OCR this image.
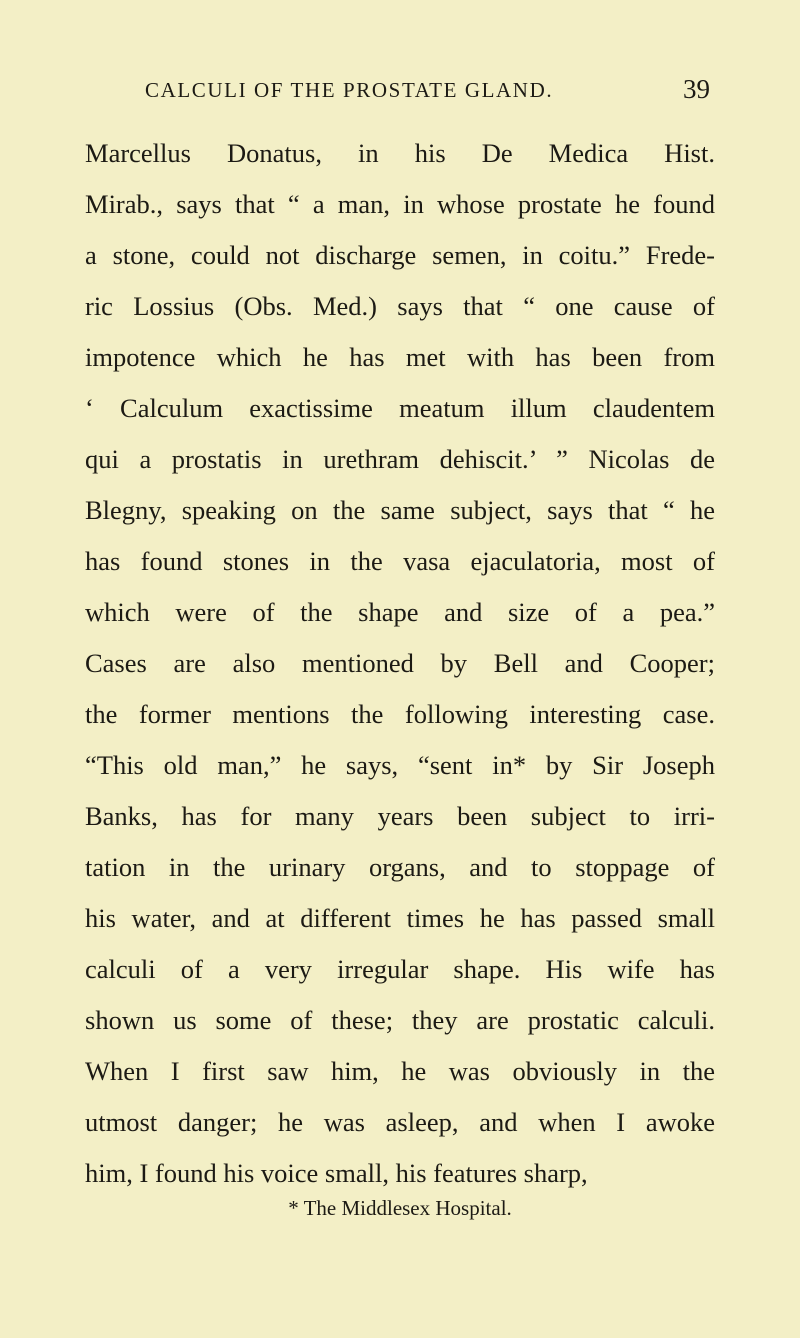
CALCULI OF THE PROSTATE GLAND.	39
Marcellus Donatus, in his De Medica Hist.
Mirab., says that “ a man, in whose prostate he found
a stone, could not discharge semen, in coitu.” Frede-
ric Lossius (Obs. Med.) says that “ one cause of
impotence which he has met with has been from
‘ Calculum exactissime meatum illum claudentem
qui a prostatis in urethram dehiscit.’ ” Nicolas de
Blegny, speaking on the same subject, says that “ he
has found stones in the vasa ejaculatoria, most of
which were of the shape and size of a pea.”
Cases are also mentioned by Bell and Cooper;
the former mentions the following interesting case.
“This old man,” he says, “sent in* by Sir Joseph
Banks, has for many years been subject to irri-
tation in the urinary organs, and to stoppage of
his water, and at different times he has passed small
calculi of a very irregular shape. His wife has
shown us some of these; they are prostatic calculi.
When I first saw him, he was obviously in the
utmost danger; he was asleep, and when I awoke
him, I found his voice small, his features sharp,
* The Middlesex Hospital.
